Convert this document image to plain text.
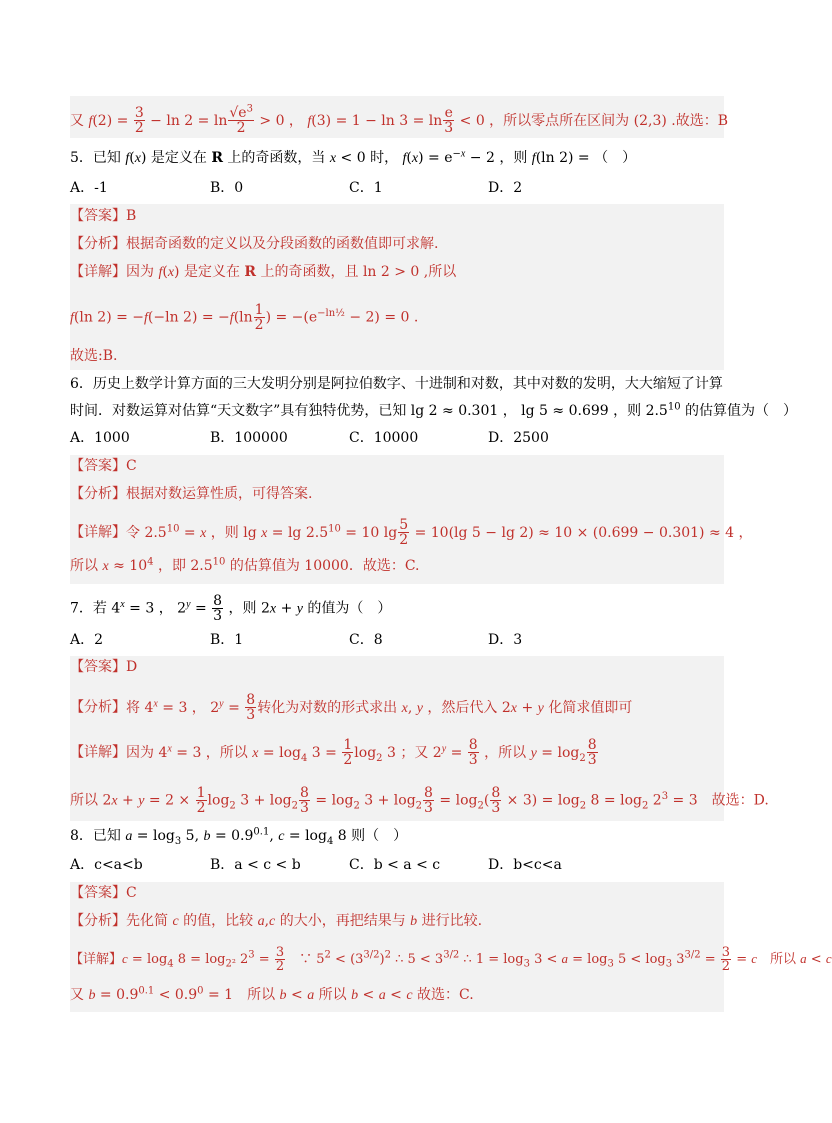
又 $f(2) = \frac{3}{2} - \ln 2 = \ln \frac{√e^3}{2} > 0$ ， $f(3) = 1 - \ln 3 = \ln \frac{e}{3} < 0$ ，所以零点所在区间为 (2,3) .故选：B
5．已知 f(x) 是定义在 R 上的奇函数，当 x < 0 时， $f(x) = e^{-x} - 2$ ，则 f(ln 2) = （　）
A．-1	B．0	C．1	D．2
【答案】B
【分析】根据奇函数的定义以及分段函数的函数值即可求解.
【详解】因为 f(x) 是定义在 R 上的奇函数，且 ln 2 > 0 ,所以
f(ln 2) = −f(−ln $2) = -f(\ln \frac{1}{2}$ ) = $-(e^{-ln\frac{1}{2}} - 2) = 0$ .
故选:B.
6．历史上数学计算方面的三大发明分别是阿拉伯数字、十进制和对数，其中对数的发明，大大缩短了计算
时间．对数运算对估算“天文数字”具有独特优势，已知 lg 2 ≈ 0.301 ， lg 5 ≈ 0.699 ，则 $2.5^{10}$ 的估算值为（　）
A．1000	B．100000	C．10000	D．2500
【答案】C
【分析】根据对数运算性质，可得答案.
【详解】令 $2.5^{10} = x$ ，则 $\lg x = \lg 2.5^{10} = 10$ $\lg \frac{5}{2} = 10(\lg$ 5 − lg 2) ≈ 10 × (0.699 − 0.301) ≈ 4 ，
所以 $x \approx 10^4$ ，即 $2.5^{10}$ 的估算值为 10000．故选：C.
7．若 $4^x = 3$ ， $2^y = \frac{8}{3}$ ，则 2x + y 的值为（　）
A．2	B．1	C．8	D．3
【答案】D
【分析】将 $4^x = 3$ ， $2^y = \frac{8}{3}$ 转化为对数的形式求出 x, y ，然后代入 2x + y 化简求值即可
【详解】因为 $4^x = 3$ ，所以 $x = \log_4 3 = \frac{1}{2} \log_2 3$ ；又 $2^y = \frac{8}{3}$ ，所以 $y = \log_2 \frac{8}{3}$
所以 $2x + y = 2 \times \frac{1}{2} \log_2 3 + \log_2 \frac{8}{3} = \log_2 3 + \log_2 \frac{8}{3} = \log_2( \frac{8}{3} \times 3) = \log_2 8 = \log_2 2^3 = 3$　故选：D.
8．已知 $a = \log_3 5$, $b = 0.9^{0.1}$, $c = \log_4 8$ 则（　）
A．c<a<b	B．a < c < b	C．b < a < c	D．b<c<a
【答案】C
【分析】先化简 c 的值，比较 a,c 的大小，再把结果与 b 进行比较.
【详解】$c = \log_4 8 = \log_{2^2} 2^3 = \frac{3}{2}$ 　∵ $5^2 < (3^{3/2})^2$ ∴ $5 < 3^{3/2}$ ∴ $1 = \log_3 3 < a = \log_3 5 < \log_3 3^{3/2} = \frac{3}{2} = c$　所以 a < c
又 $b = 0.9^{0.1} < 0.9^0 = 1$　所以 b < a 所以 b < a < c 故选：C.
